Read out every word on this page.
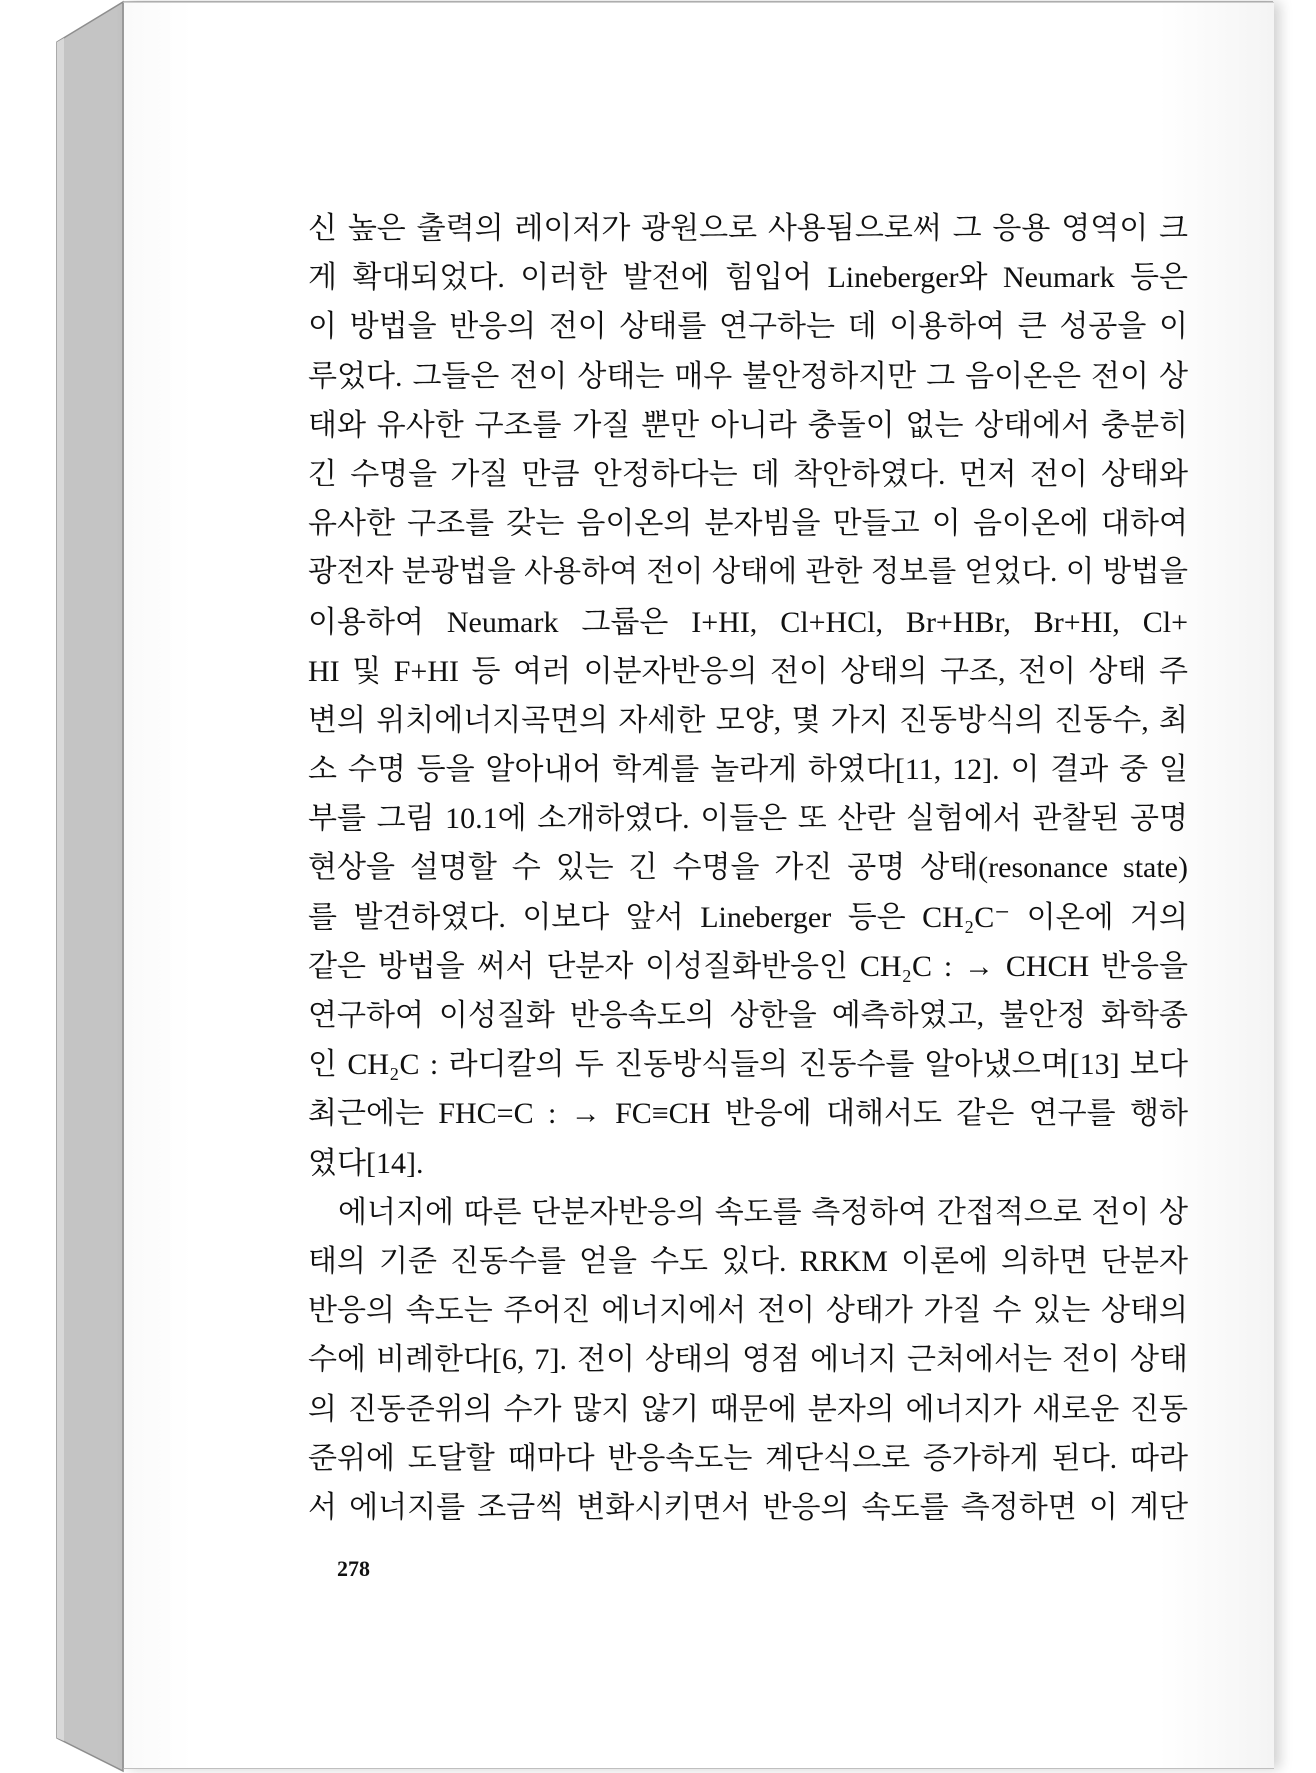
신 높은 출력의 레이저가 광원으로 사용됨으로써 그 응용 영역이 크
게 확대되었다. 이러한 발전에 힘입어 Lineberger와 Neumark 등은
이 방법을 반응의 전이 상태를 연구하는 데 이용하여 큰 성공을 이
루었다. 그들은 전이 상태는 매우 불안정하지만 그 음이온은 전이 상
태와 유사한 구조를 가질 뿐만 아니라 충돌이 없는 상태에서 충분히
긴 수명을 가질 만큼 안정하다는 데 착안하였다. 먼저 전이 상태와
유사한 구조를 갖는 음이온의 분자빔을 만들고 이 음이온에 대하여
광전자 분광법을 사용하여 전이 상태에 관한 정보를 얻었다. 이 방법을
이용하여 Neumark 그룹은 I+HI, Cl+HCl, Br+HBr, Br+HI, Cl+
HI 및 F+HI 등 여러 이분자반응의 전이 상태의 구조, 전이 상태 주
변의 위치에너지곡면의 자세한 모양, 몇 가지 진동방식의 진동수, 최
소 수명 등을 알아내어 학계를 놀라게 하였다[11, 12]. 이 결과 중 일
부를 그림 10.1에 소개하였다. 이들은 또 산란 실험에서 관찰된 공명
현상을 설명할 수 있는 긴 수명을 가진 공명 상태(resonance state)
를 발견하였다. 이보다 앞서 Lineberger 등은 CH₂C⁻ 이온에 거의
같은 방법을 써서 단분자 이성질화반응인 CH₂C : → CHCH 반응을
연구하여 이성질화 반응속도의 상한을 예측하였고, 불안정 화학종
인 CH₂C : 라디칼의 두 진동방식들의 진동수를 알아냈으며[13] 보다
최근에는 FHC=C : → FC≡CH 반응에 대해서도 같은 연구를 행하
였다[14].
에너지에 따른 단분자반응의 속도를 측정하여 간접적으로 전이 상
태의 기준 진동수를 얻을 수도 있다. RRKM 이론에 의하면 단분자
반응의 속도는 주어진 에너지에서 전이 상태가 가질 수 있는 상태의
수에 비례한다[6, 7]. 전이 상태의 영점 에너지 근처에서는 전이 상태
의 진동준위의 수가 많지 않기 때문에 분자의 에너지가 새로운 진동
준위에 도달할 때마다 반응속도는 계단식으로 증가하게 된다. 따라
서 에너지를 조금씩 변화시키면서 반응의 속도를 측정하면 이 계단
278
